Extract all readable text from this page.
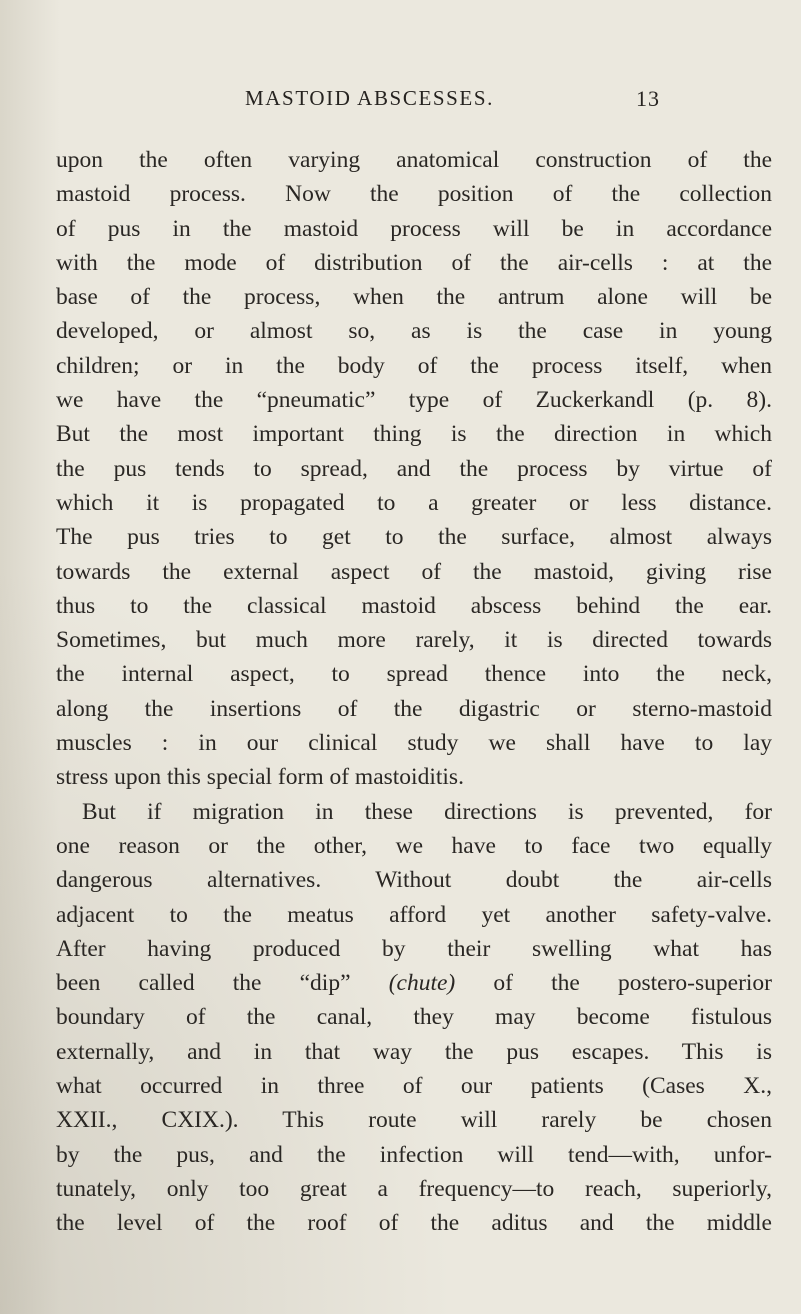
MASTOID ABSCESSES.	13
upon the often varying anatomical construction of the
mastoid process. Now the position of the collection
of pus in the mastoid process will be in accordance
with the mode of distribution of the air-cells : at the
base of the process, when the antrum alone will be
developed, or almost so, as is the case in young
children; or in the body of the process itself, when
we have the “pneumatic” type of Zuckerkandl (p. 8).
But the most important thing is the direction in which
the pus tends to spread, and the process by virtue of
which it is propagated to a greater or less distance.
The pus tries to get to the surface, almost always
towards the external aspect of the mastoid, giving rise
thus to the classical mastoid abscess behind the ear.
Sometimes, but much more rarely, it is directed towards
the internal aspect, to spread thence into the neck,
along the insertions of the digastric or sterno-mastoid
muscles : in our clinical study we shall have to lay
stress upon this special form of mastoiditis.
But if migration in these directions is prevented, for
one reason or the other, we have to face two equally
dangerous alternatives. Without doubt the air-cells
adjacent to the meatus afford yet another safety-valve.
After having produced by their swelling what has
been called the “dip” (chute) of the postero-superior
boundary of the canal, they may become fistulous
externally, and in that way the pus escapes. This is
what occurred in three of our patients (Cases X.,
XXII., CXIX.). This route will rarely be chosen
by the pus, and the infection will tend—with, unfor-
tunately, only too great a frequency—to reach, superiorly,
the level of the roof of the aditus and the middle
